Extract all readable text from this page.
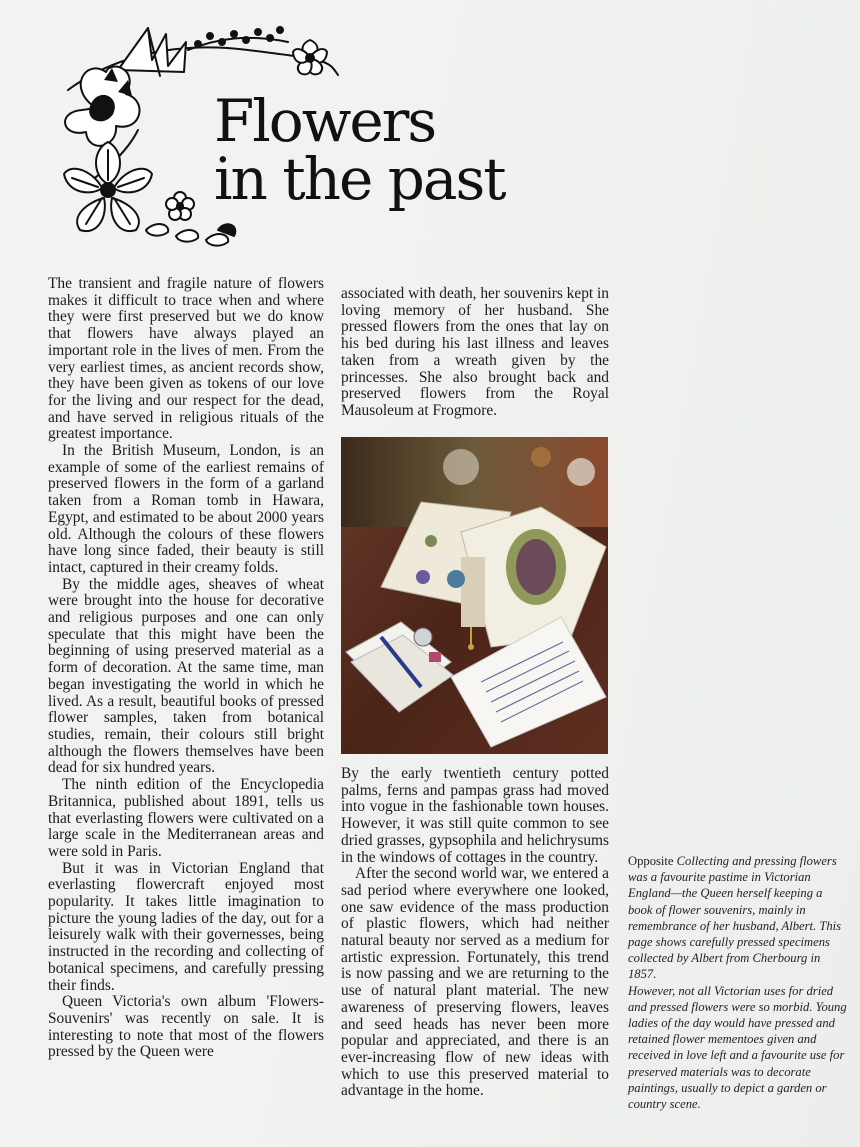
Flowers
in the past

The transient and fragile nature of flowers makes it difficult to trace when and where they were first preserved but we do know that flowers have always played an important role in the lives of men. From the very earliest times, as ancient records show, they have been given as tokens of our love for the living and our respect for the dead, and have served in religious rituals of the greatest importance.

In the British Museum, London, is an example of some of the earliest remains of preserved flowers in the form of a garland taken from a Roman tomb in Hawara, Egypt, and estimated to be about 2000 years old. Although the colours of these flowers have long since faded, their beauty is still intact, captured in their creamy folds.

By the middle ages, sheaves of wheat were brought into the house for decorative and religious purposes and one can only speculate that this might have been the beginning of using preserved material as a form of decoration. At the same time, man began investigating the world in which he lived. As a result, beautiful books of pressed flower samples, taken from botanical studies, remain, their colours still bright although the flowers themselves have been dead for six hundred years.

The ninth edition of the Encyclopedia Britannica, published about 1891, tells us that everlasting flowers were cultivated on a large scale in the Mediterranean areas and were sold in Paris.

But it was in Victorian England that everlasting flowercraft enjoyed most popularity. It takes little imagination to picture the young ladies of the day, out for a leisurely walk with their governesses, being instructed in the recording and collecting of botanical specimens, and carefully pressing their finds.

Queen Victoria's own album 'Flowers-Souvenirs' was recently on sale. It is interesting to note that most of the flowers pressed by the Queen were

associated with death, her souvenirs kept in loving memory of her husband. She pressed flowers from the ones that lay on his bed during his last illness and leaves taken from a wreath given by the princesses. She also brought back and preserved flowers from the Royal Mausoleum at Frogmore.

By the early twentieth century potted palms, ferns and pampas grass had moved into vogue in the fashionable town houses. However, it was still quite common to see dried grasses, gypsophila and helichrysums in the windows of cottages in the country.

After the second world war, we entered a sad period where everywhere one looked, one saw evidence of the mass production of plastic flowers, which had neither natural beauty nor served as a medium for artistic expression. Fortunately, this trend is now passing and we are returning to the use of natural plant material. The new awareness of preserving flowers, leaves and seed heads has never been more popular and appreciated, and there is an ever-increasing flow of new ideas with which to use this preserved material to advantage in the home.

Opposite Collecting and pressing flowers was a favourite pastime in Victorian England—the Queen herself keeping a book of flower souvenirs, mainly in remembrance of her husband, Albert. This page shows carefully pressed specimens collected by Albert from Cherbourg in 1857.
However, not all Victorian uses for dried and pressed flowers were so morbid. Young ladies of the day would have pressed and retained flower mementoes given and received in love left and a favourite use for preserved materials was to decorate paintings, usually to depict a garden or country scene.
